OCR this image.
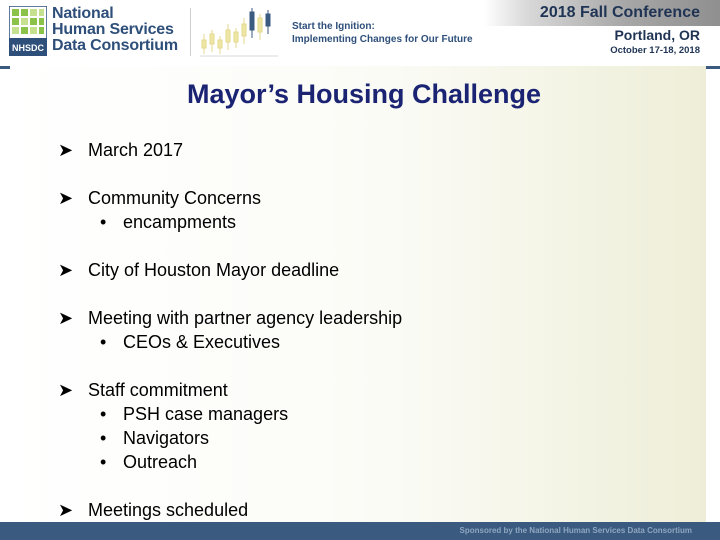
NHSDC
National
Human Services
Data Consortium
Start the Ignition:
Implementing Changes for Our Future
2018 Fall Conference
Portland, OR
October 17-18, 2018
Mayor’s Housing Challenge
➤ March 2017
➤ Community Concerns
• encampments
➤ City of Houston Mayor deadline
➤ Meeting with partner agency leadership
• CEOs & Executives
➤ Staff commitment
• PSH case managers
• Navigators
• Outreach
➤ Meetings scheduled
Sponsored by the National Human Services Data Consortium
